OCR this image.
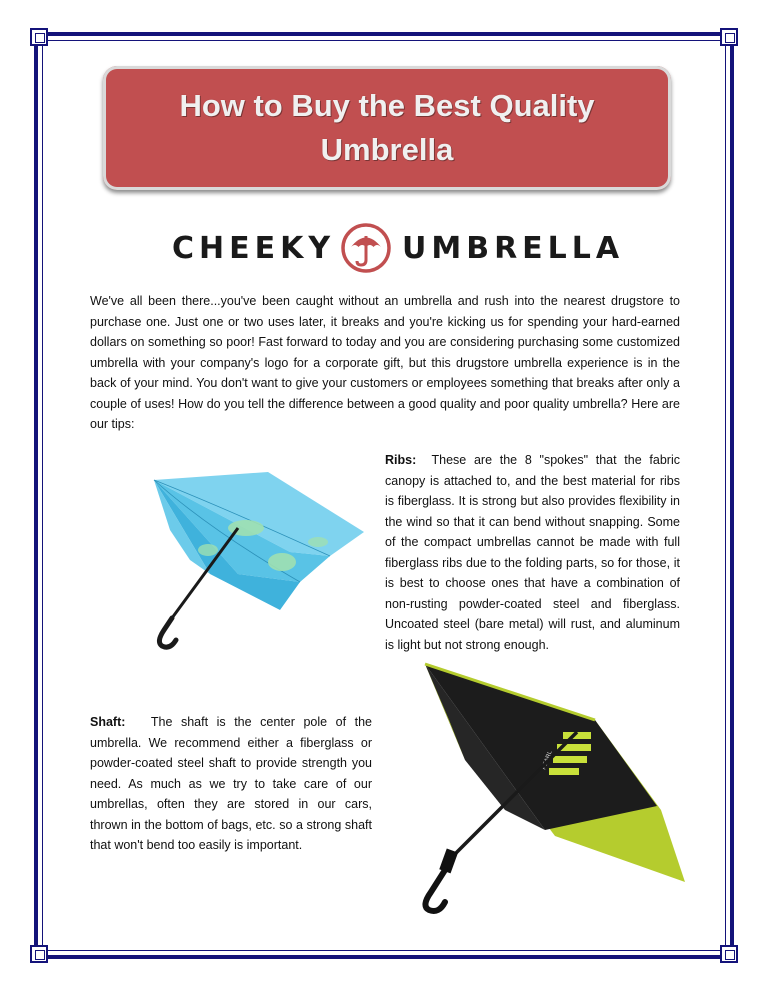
How to Buy the Best Quality
Umbrella
CHEEKY UMBRELLA
We've all been there...you've been caught without an umbrella and rush into the nearest drugstore to purchase one. Just one or two uses later, it breaks and you're kicking us for spending your hard-earned dollars on something so poor! Fast forward to today and you are considering purchasing some customized umbrella with your company's logo for a corporate gift, but this drugstore umbrella experience is in the back of your mind. You don't want to give your customers or employees something that breaks after only a couple of uses! How do you tell the difference between a good quality and poor quality umbrella? Here are our tips:
Ribs: These are the 8 "spokes" that the fabric canopy is attached to, and the best material for ribs is fiberglass. It is strong but also provides flexibility in the wind so that it can bend without snapping. Some of the compact umbrellas cannot be made with full fiberglass ribs due to the folding parts, so for those, it is best to choose ones that have a combination of non-rusting powder-coated steel and fiberglass. Uncoated steel (bare metal) will rust, and aluminum is light but not strong enough.
Shaft: The shaft is the center pole of the umbrella. We recommend either a fiberglass or powder-coated steel shaft to provide strength you need. As much as we try to take care of our umbrellas, often they are stored in our cars, thrown in the bottom of bags, etc. so a strong shaft that won't bend too easily is important.
